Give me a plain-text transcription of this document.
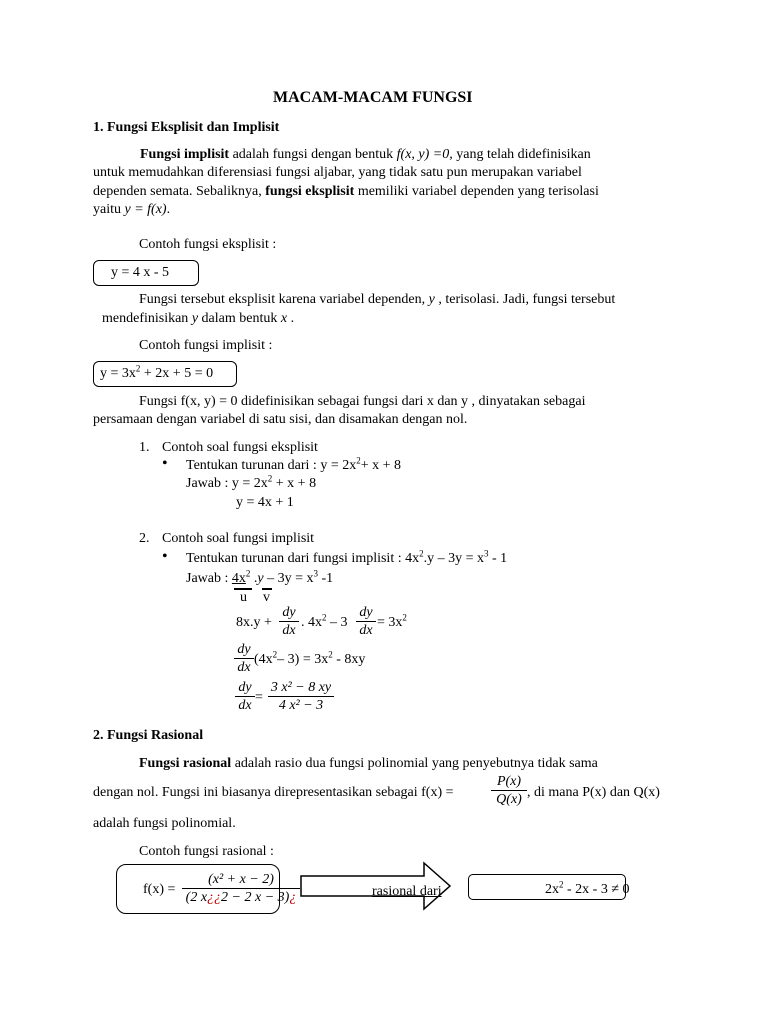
MACAM-MACAM FUNGSI
1. Fungsi Eksplisit dan Implisit
Fungsi implisit adalah fungsi dengan bentuk f(x, y) =0, yang telah didefinisikan
untuk memudahkan diferensiasi fungsi aljabar, yang tidak satu pun merupakan variabel
dependen semata. Sebaliknya, fungsi eksplisit memiliki variabel dependen yang terisolasi
yaitu y = f(x).
Contoh fungsi eksplisit :
y = 4 x - 5
Fungsi tersebut eksplisit karena variabel dependen, y , terisolasi. Jadi, fungsi tersebut
mendefinisikan y dalam bentuk x .
Contoh fungsi implisit :
$y = 3x^2 + 2x + 5 = 0$
Fungsi f(x, y) = 0 didefinisikan sebagai fungsi dari x dan y , dinyatakan sebagai
persamaan dengan variabel di satu sisi, dan disamakan dengan nol.
1. Contoh soal fungsi eksplisit
• Tentukan turunan dari : $y = 2x^2+ x + 8$
Jawab : $y = 2x^2 + x + 8$
y = 4x + 1
2. Contoh soal fungsi implisit
• Tentukan turunan dari fungsi implisit : $4x^2.y - 3y = x^3 - 1$
Jawab : $4x^2$ $.y - 3y = x^3$ -1
u v
$8x.y + \frac{dy}{dx}$ . $4x^2 - 3 \frac{dy}{dx} = 3x^2$
$\frac{dy}{dx} (4x^2-$ $3) = 3x^2 - 8xy$
$\frac{dy}{dx} = \frac{\text{3 x² − 8 xy}}{\text{4 x² − 3}}$
2. Fungsi Rasional
Fungsi rasional adalah rasio dua fungsi polinomial yang penyebutnya tidak sama
dengan nol. Fungsi ini biasanya direpresentasikan sebagai f(x) =	$\frac{P(x)}{Q(x)}$ , di mana P(x) dan Q(x)
adalah fungsi polinomial.
Contoh fungsi rasional :
$f(x) = \frac{\text{(x² + x − 2)}}{(2 x¿¿2 - 2 x - 3)¿}$	rasional dari	$2x^2 - 2x - 3 \ne 0$
